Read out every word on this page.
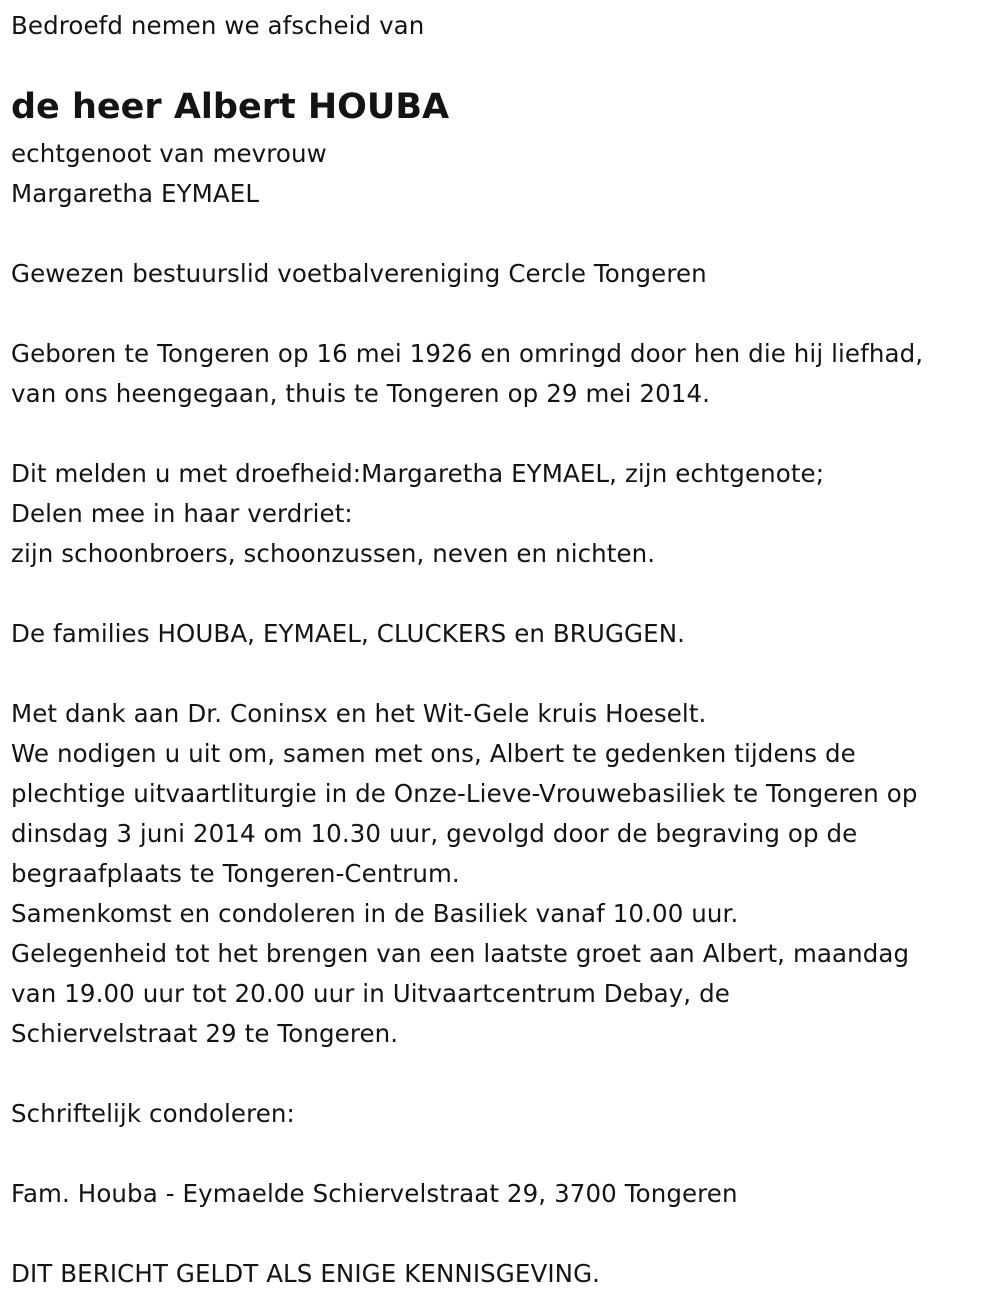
Bedroefd nemen we afscheid van
de heer Albert HOUBA
echtgenoot van mevrouw
Margaretha EYMAEL
Gewezen bestuurslid voetbalvereniging Cercle Tongeren
Geboren te Tongeren op 16 mei 1926 en omringd door hen die hij liefhad,
van ons heengegaan, thuis te Tongeren op 29 mei 2014.
Dit melden u met droefheid:Margaretha EYMAEL, zijn echtgenote;
Delen mee in haar verdriet:
zijn schoonbroers, schoonzussen, neven en nichten.
De families HOUBA, EYMAEL, CLUCKERS en BRUGGEN.
Met dank aan Dr. Coninsx en het Wit-Gele kruis Hoeselt.
We nodigen u uit om, samen met ons, Albert te gedenken tijdens de
plechtige uitvaartliturgie in de Onze-Lieve-Vrouwebasiliek te Tongeren op
dinsdag 3 juni 2014 om 10.30 uur, gevolgd door de begraving op de
begraafplaats te Tongeren-Centrum.
Samenkomst en condoleren in de Basiliek vanaf 10.00 uur.
Gelegenheid tot het brengen van een laatste groet aan Albert, maandag
van 19.00 uur tot 20.00 uur in Uitvaartcentrum Debay, de
Schiervelstraat 29 te Tongeren.
Schriftelijk condoleren:
Fam. Houba - Eymaelde Schiervelstraat 29, 3700 Tongeren
DIT BERICHT GELDT ALS ENIGE KENNISGEVING.
